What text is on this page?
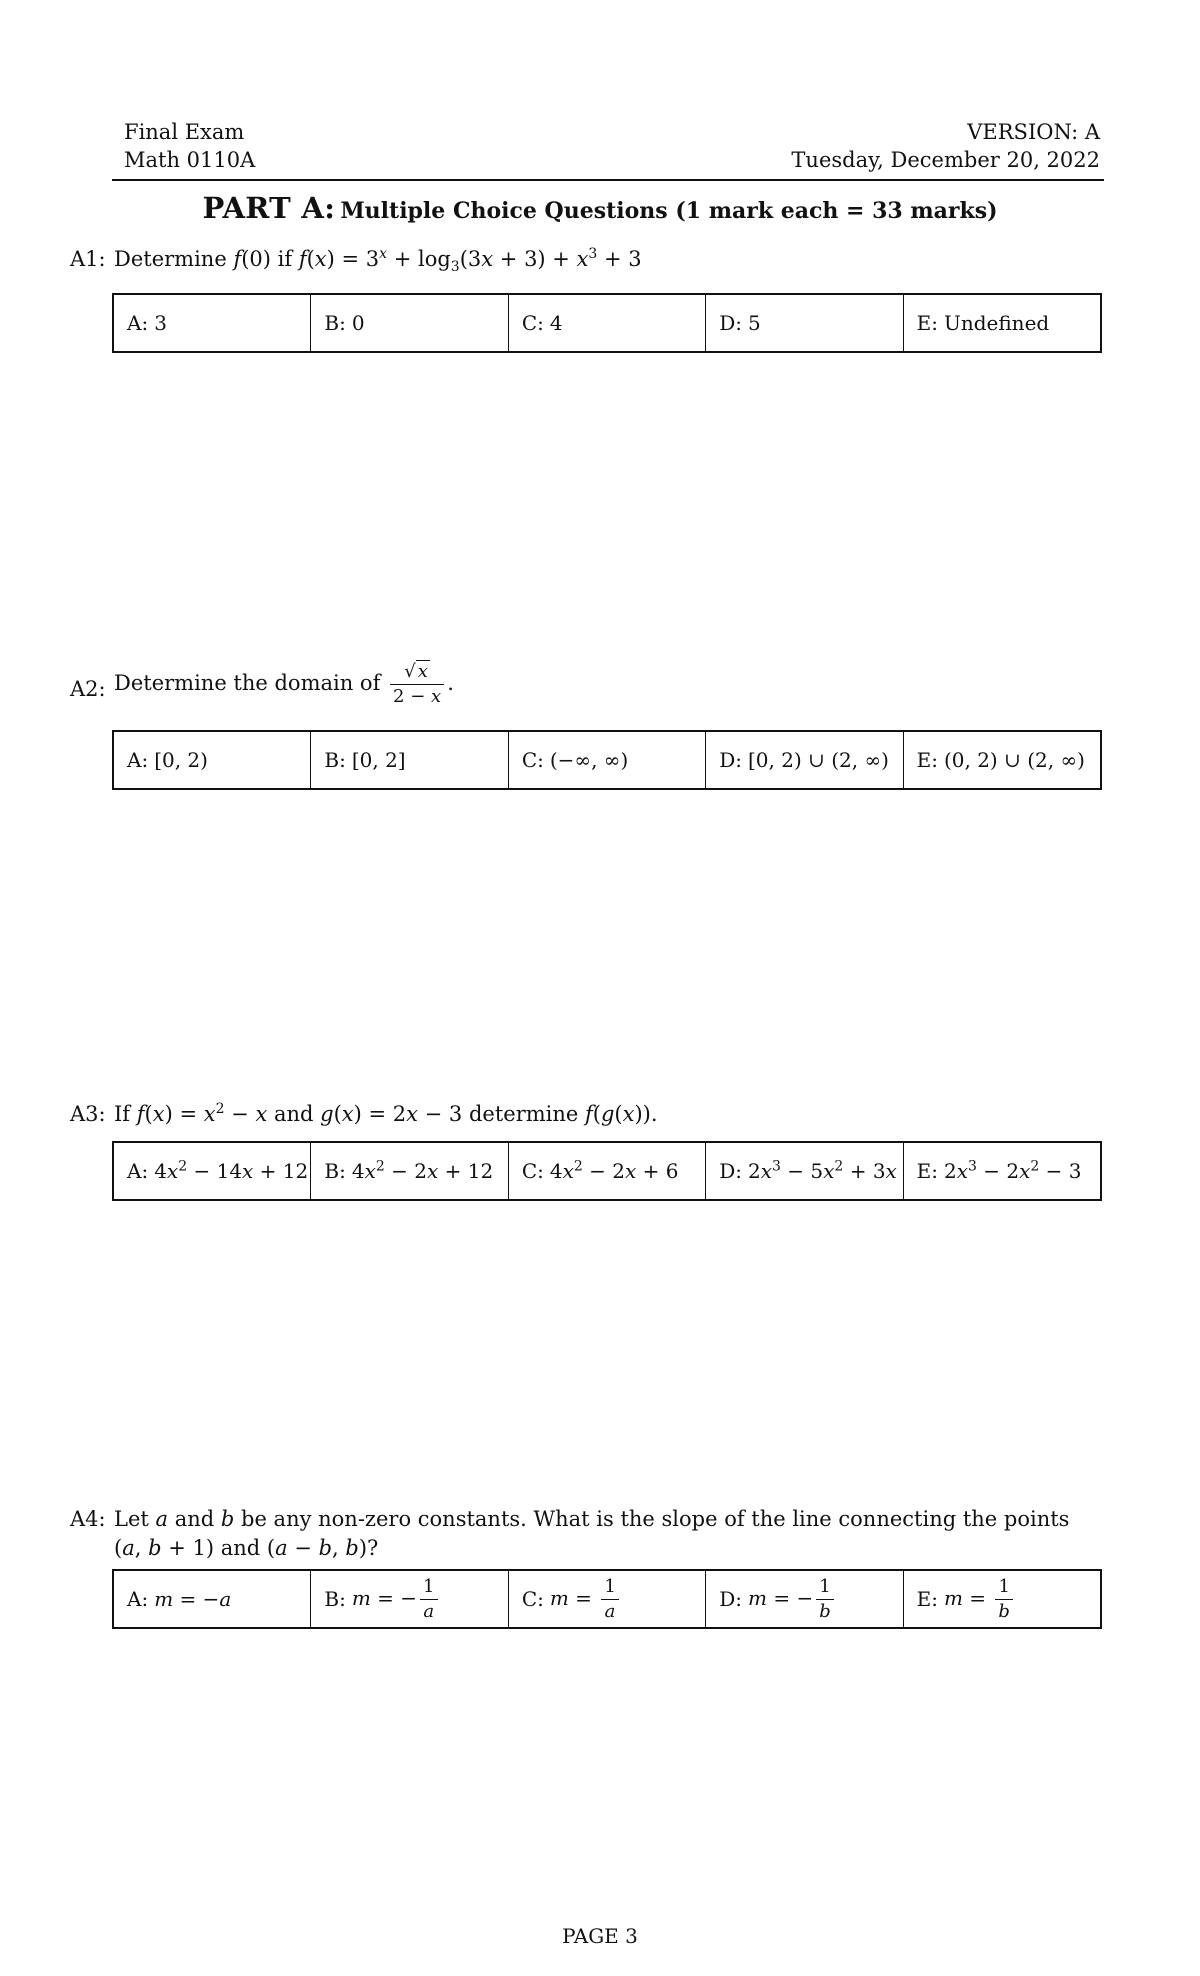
Final Exam
Math 0110A
VERSION: A
Tuesday, December 20, 2022
PART A: Multiple Choice Questions (1 mark each = 33 marks)
A1: Determine f(0) if $f(x) = 3^x + \log_3(3x + 3) + x^3 + 3$
A: 3	B: 0	C: 4	D: 5	E: Undefined
A2: Determine the domain of $\frac{√ x}{2 - x}$ .
A: [0, 2)	B: [0, 2]	C: (−∞, ∞)	D: [0, 2) ∪ (2, ∞) E: (0, 2) ∪ (2, ∞)
A3: If $f(x) = x^2 - x$ and g(x) = 2x − 3 determine f(g(x)).
A: $4x^2 - 14x + 12$ B: $4x^2 - 2x + 12$ C: $4x^2 - 2x + 6$ D: $2x^3 - 5x^2 + 3x$ E: $2x^3 - 2x^2 - 3$
A4: Let a and b be any non-zero constants. What is the slope of the line connecting the points (a, b + 1) and (a − b, b)?
A: m = −a	B: m = − $\frac{1}{a}$	C: $m = \frac{1}{a}$	D: m = − $\frac{1}{b}$	E: $m = \frac{1}{b}$
PAGE 3
